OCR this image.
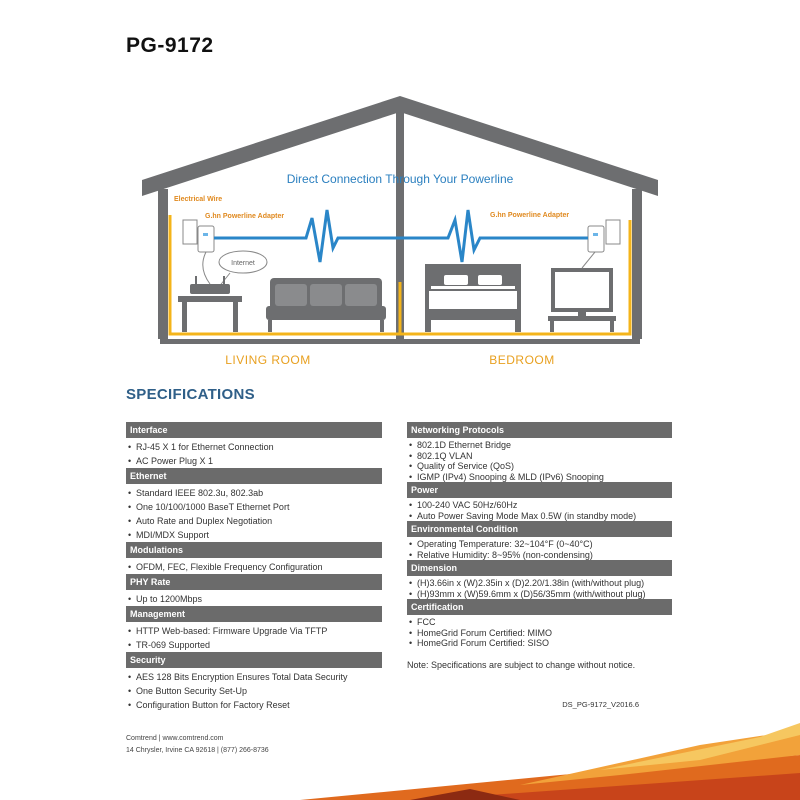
PG-9172
Direct Connection Through Your Powerline
Electrical Wire
G.hn Powerline Adapter	G.hn Powerline Adapter
Internet
LIVING ROOM	BEDROOM
SPECIFICATIONS
Interface
• RJ-45 X 1 for Ethernet Connection
• AC Power Plug X 1
Ethernet
• Standard IEEE 802.3u, 802.3ab
• One 10/100/1000 BaseT Ethernet Port
• Auto Rate and Duplex Negotiation
• MDI/MDX Support
Modulations
• OFDM, FEC, Flexible Frequency Configuration
PHY Rate
• Up to 1200Mbps
Management
• HTTP Web-based: Firmware Upgrade Via TFTP
• TR-069 Supported
Security
• AES 128 Bits Encryption Ensures Total Data Security
• One Button Security Set-Up
• Configuration Button for Factory Reset
Networking Protocols
• 802.1D Ethernet Bridge
• 802.1Q VLAN
• Quality of Service (QoS)
• IGMP (IPv4) Snooping & MLD (IPv6) Snooping
Power
• 100-240 VAC 50Hz/60Hz
• Auto Power Saving Mode Max 0.5W (in standby mode)
Environmental Condition
• Operating Temperature: 32~104°F (0~40°C)
• Relative Humidity: 8~95% (non-condensing)
Dimension
• (H)3.66in x (W)2.35in x (D)2.20/1.38in (with/without plug)
• (H)93mm x (W)59.6mm x (D)56/35mm (with/without plug)
Certification
• FCC
• HomeGrid Forum Certified: MIMO
• HomeGrid Forum Certified: SISO
Note: Specifications are subject to change without notice.
DS_PG-9172_V2016.6
Comtrend | www.comtrend.com
14 Chrysler, Irvine CA 92618 | (877) 266-8736
